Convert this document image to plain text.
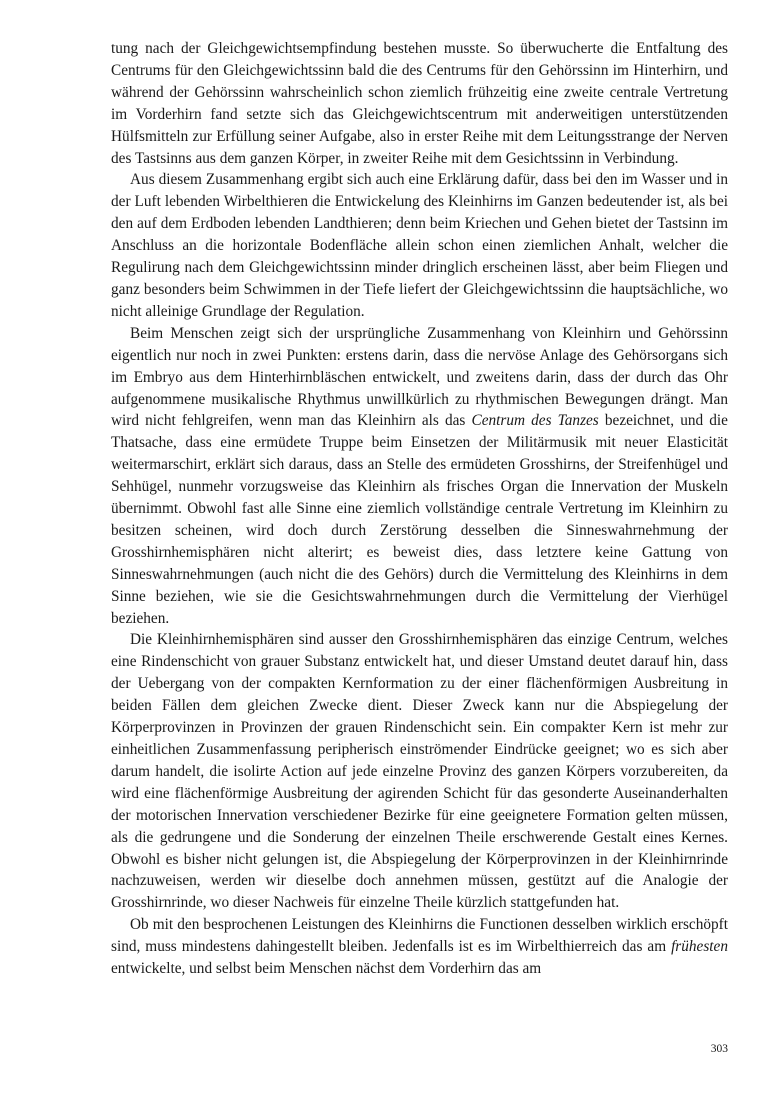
tung nach der Gleichgewichtsempfindung bestehen musste. So überwucherte die Entfaltung des Centrums für den Gleichgewichtssinn bald die des Centrums für den Gehörssinn im Hinterhirn, und während der Gehörssinn wahrscheinlich schon ziemlich frühzeitig eine zweite centrale Vertretung im Vorderhirn fand setzte sich das Gleichgewichtscentrum mit anderweitigen unterstützenden Hülfsmitteln zur Erfüllung seiner Aufgabe, also in erster Reihe mit dem Leitungsstrange der Nerven des Tastsinns aus dem ganzen Körper, in zweiter Reihe mit dem Gesichtssinn in Verbindung.

Aus diesem Zusammenhang ergibt sich auch eine Erklärung dafür, dass bei den im Wasser und in der Luft lebenden Wirbelthieren die Entwickelung des Kleinhirns im Ganzen bedeutender ist, als bei den auf dem Erdboden lebenden Landthieren; denn beim Kriechen und Gehen bietet der Tastsinn im Anschluss an die horizontale Bodenfläche allein schon einen ziemlichen Anhalt, welcher die Regulirung nach dem Gleichgewichtssinn minder dringlich erscheinen lässt, aber beim Fliegen und ganz besonders beim Schwimmen in der Tiefe liefert der Gleichgewichtssinn die hauptsächliche, wo nicht alleinige Grundlage der Regulation.

Beim Menschen zeigt sich der ursprüngliche Zusammenhang von Kleinhirn und Gehörssinn eigentlich nur noch in zwei Punkten: erstens darin, dass die nervöse Anlage des Gehörsorgans sich im Embryo aus dem Hinterhirnbläschen entwickelt, und zweitens darin, dass der durch das Ohr aufgenommene musikalische Rhythmus unwillkürlich zu rhythmischen Bewegungen drängt. Man wird nicht fehlgreifen, wenn man das Kleinhirn als das Centrum des Tanzes bezeichnet, und die Thatsache, dass eine ermüdete Truppe beim Einsetzen der Militärmusik mit neuer Elasticität weitermarschirt, erklärt sich daraus, dass an Stelle des ermüdeten Grosshirns, der Streifenhügel und Sehhügel, nunmehr vorzugsweise das Kleinhirn als frisches Organ die Innervation der Muskeln übernimmt. Obwohl fast alle Sinne eine ziemlich vollständige centrale Vertretung im Kleinhirn zu besitzen scheinen, wird doch durch Zerstörung desselben die Sinneswahrnehmung der Grosshirnhemisphären nicht alterirt; es beweist dies, dass letztere keine Gattung von Sinneswahrnehmungen (auch nicht die des Gehörs) durch die Vermittelung des Kleinhirns in dem Sinne beziehen, wie sie die Gesichtswahrnehmungen durch die Vermittelung der Vierhügel beziehen.

Die Kleinhirnhemisphären sind ausser den Grosshirnhemisphären das einzige Centrum, welches eine Rindenschicht von grauer Substanz entwickelt hat, und dieser Umstand deutet darauf hin, dass der Uebergang von der compakten Kernformation zu der einer flächenförmigen Ausbreitung in beiden Fällen dem gleichen Zwecke dient. Dieser Zweck kann nur die Abspiegelung der Körperprovinzen in Provinzen der grauen Rindenschicht sein. Ein compakter Kern ist mehr zur einheitlichen Zusammenfassung peripherisch einströmender Eindrücke geeignet; wo es sich aber darum handelt, die isolirte Action auf jede einzelne Provinz des ganzen Körpers vorzubereiten, da wird eine flächenförmige Ausbreitung der agirenden Schicht für das gesonderte Auseinanderhalten der motorischen Innervation verschiedener Bezirke für eine geeignetere Formation gelten müssen, als die gedrungene und die Sonderung der einzelnen Theile erschwerende Gestalt eines Kernes. Obwohl es bisher nicht gelungen ist, die Abspiegelung der Körperprovinzen in der Kleinhirnrinde nachzuweisen, werden wir dieselbe doch annehmen müssen, gestützt auf die Analogie der Grosshirnrinde, wo dieser Nachweis für einzelne Theile kürzlich stattgefunden hat.

Ob mit den besprochenen Leistungen des Kleinhirns die Functionen desselben wirklich erschöpft sind, muss mindestens dahingestellt bleiben. Jedenfalls ist es im Wirbelthierreich das am frühesten entwickelte, und selbst beim Menschen nächst dem Vorderhirn das am

303
